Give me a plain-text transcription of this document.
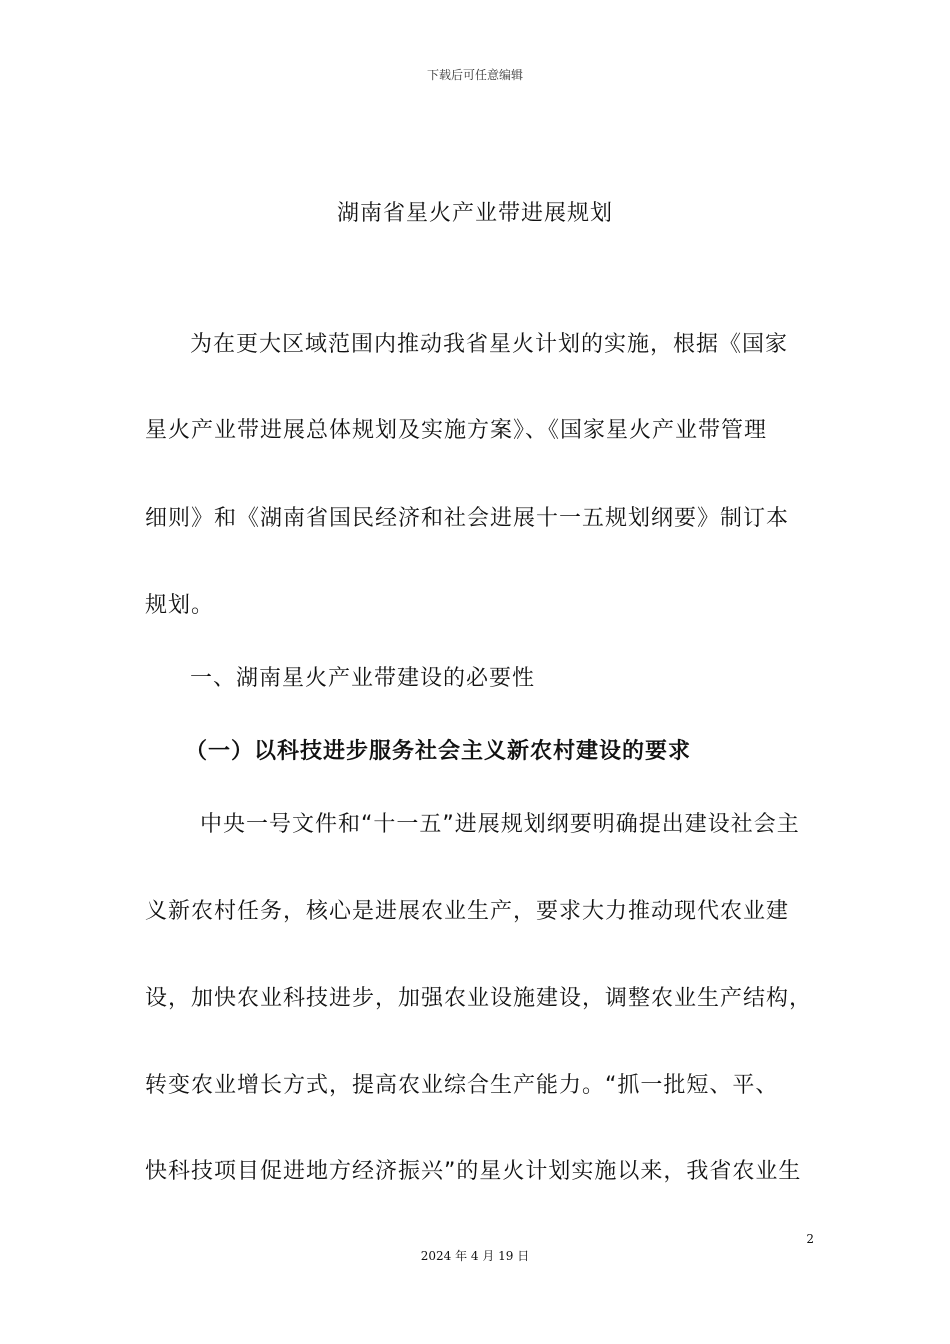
下载后可任意编辑
湖南省星火产业带进展规划
为在更大区域范围内推动我省星火计划的实施，根据《国家
星火产业带进展总体规划及实施方案》、《国家星火产业带管理
细则》和《湖南省国民经济和社会进展十一五规划纲要》制订本
规划。
一、湖南星火产业带建设的必要性
（一）以科技进步服务社会主义新农村建设的要求
中央一号文件和“十一五”进展规划纲要明确提出建设社会主
义新农村任务，核心是进展农业生产，要求大力推动现代农业建
设，加快农业科技进步，加强农业设施建设，调整农业生产结构，
转变农业增长方式，提高农业综合生产能力。“抓一批短、平、
快科技项目促进地方经济振兴”的星火计划实施以来，我省农业生
2
2024 年 4 月 19 日
